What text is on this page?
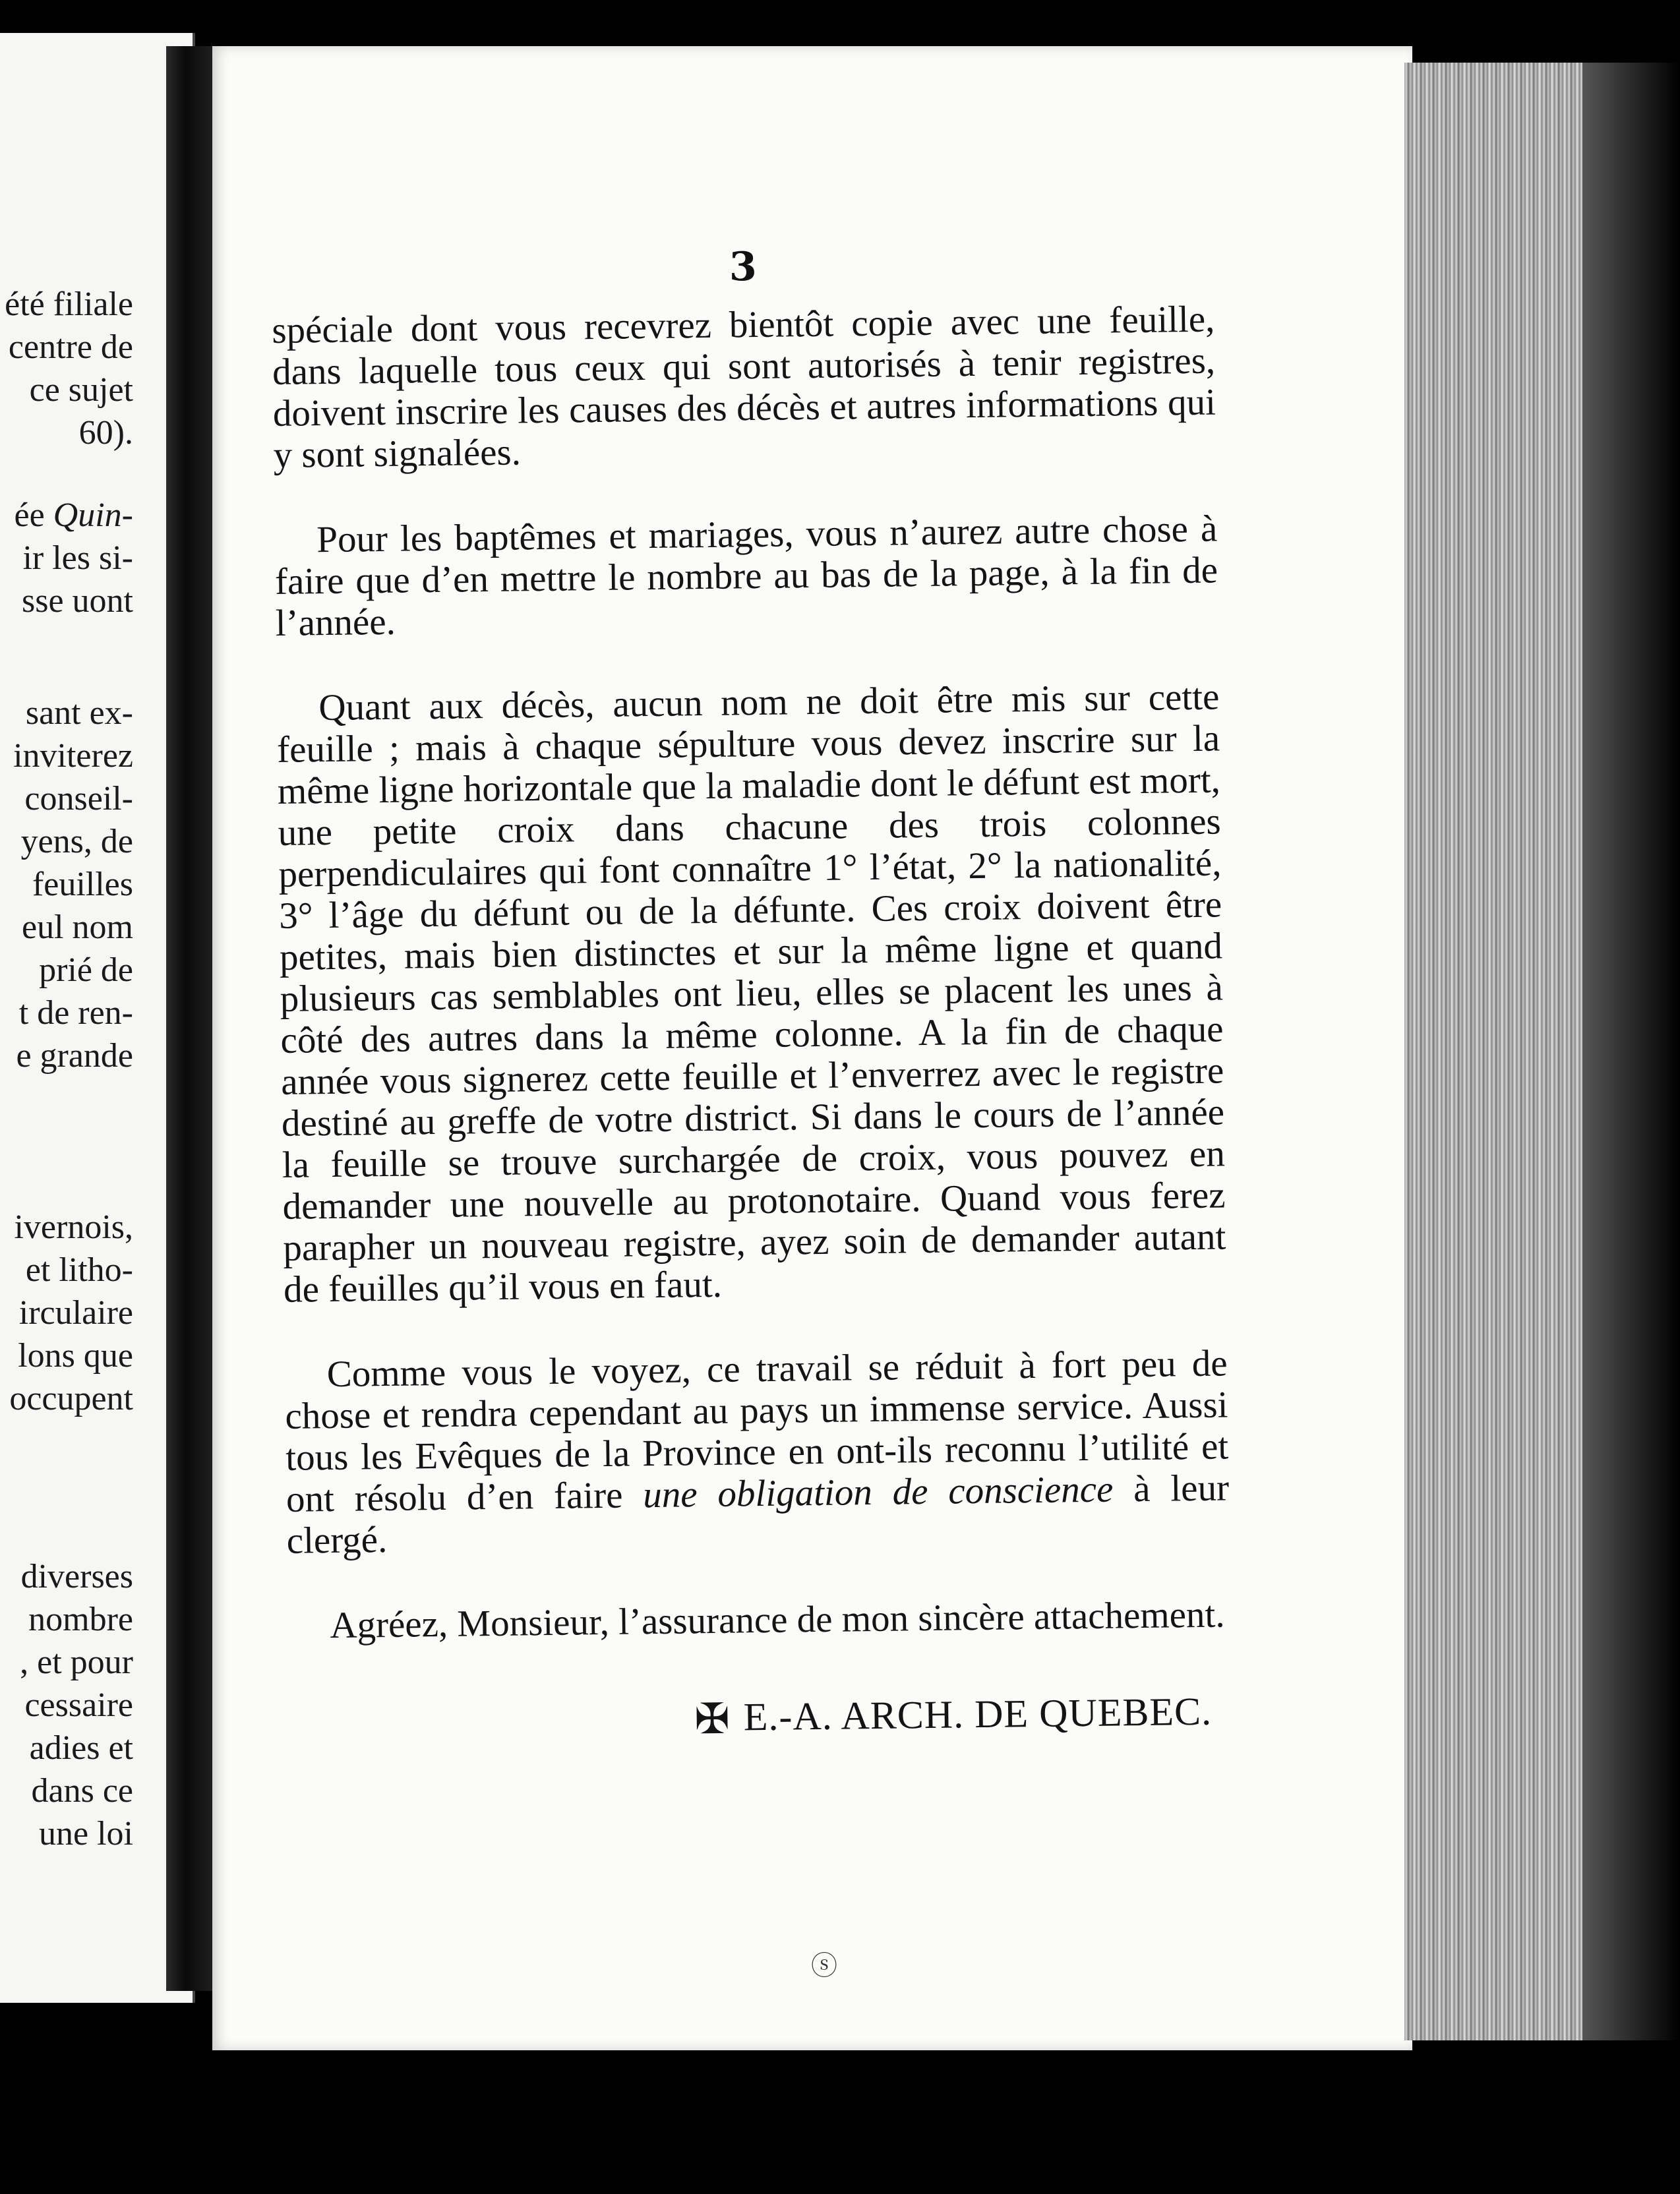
été filiale
centre de
ce sujet
60).
ée Quin-
ir les si-
sse uont
sant ex-
inviterez
conseil-
yens, de
feuilles
eul nom
prié de
t de ren-
e grande
ivernois,
et litho-
irculaire
lons que
occupent
diverses
nombre
, et pour
cessaire
adies et
dans ce
une loi
3

spéciale dont vous recevrez bientôt copie avec une feuille, dans laquelle tous ceux qui sont autorisés à tenir registres, doivent inscrire les causes des décès et autres informations qui y sont signalées.

Pour les baptêmes et mariages, vous n’aurez autre chose à faire que d’en mettre le nombre au bas de la page, à la fin de l’année.

Quant aux décès, aucun nom ne doit être mis sur cette feuille ; mais à chaque sépulture vous devez inscrire sur la même ligne horizontale que la maladie dont le défunt est mort, une petite croix dans chacune des trois colonnes perpendiculaires qui font connaître 1° l’état, 2° la nationalité, 3° l’âge du défunt ou de la défunte. Ces croix doivent être petites, mais bien distinctes et sur la même ligne et quand plusieurs cas semblables ont lieu, elles se placent les unes à côté des autres dans la même colonne. A la fin de chaque année vous signerez cette feuille et l’enverrez avec le registre destiné au greffe de votre district. Si dans le cours de l’année la feuille se trouve surchargée de croix, vous pouvez en demander une nouvelle au protonotaire. Quand vous ferez parapher un nouveau registre, ayez soin de demander autant de feuilles qu’il vous en faut.

Comme vous le voyez, ce travail se réduit à fort peu de chose et rendra cependant au pays un immense service. Aussi tous les Evêques de la Province en ont-ils reconnu l’utilité et ont résolu d’en faire une obligation de conscience à leur clergé.

Agréez, Monsieur, l’assurance de mon sincère attachement.

✠ E.-A. ARCH. DE QUEBEC.

ⓢ
